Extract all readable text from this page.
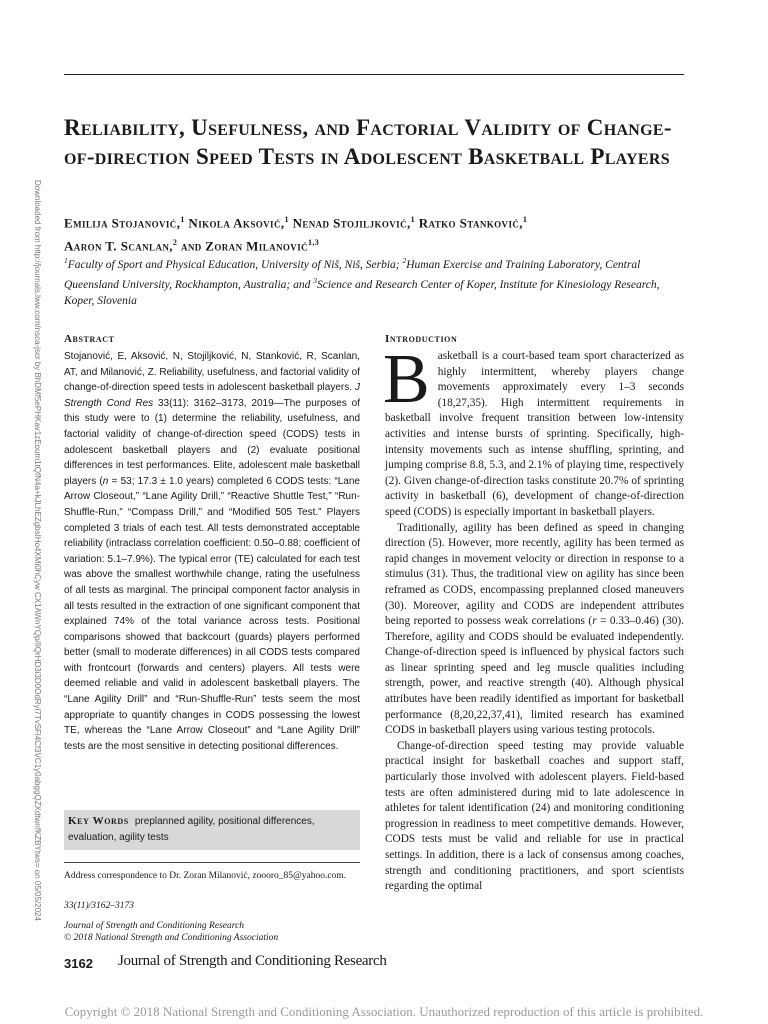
Downloaded from http://journals.lww.com/nsca-jscr by BhDMf5ePHKav1zEoum1tQfN4a+kJLhEZgbsIHo4XMi0hCyw CX1AWnYQp/IlQrHD3i3D0OdRyi7TvSFl4Cf3VC1y0abggQZXdtwnfKZBYtws= on 05/05/2024
Reliability, Usefulness, and Factorial Validity of Change-of-direction Speed Tests in Adolescent Basketball Players
Emilija Stojanović,$^1$ Nikola Aksović,$^1$ Nenad Stojiljković,$^1$ Ratko Stanković,$^1$
Aaron T. Scanlan,$^2$ and Zoran Milanović$^{1,3}$
$^1$Faculty of Sport and Physical Education, University of Niš, Niš, Serbia; $^2$Human Exercise and Training Laboratory, Central Queensland University, Rockhampton, Australia; and $^3$Science and Research Center of Koper, Institute for Kinesiology Research, Koper, Slovenia
Abstract
Stojanović, E, Aksović, N, Stojiljković, N, Stanković, R, Scanlan, AT, and Milanović, Z. Reliability, usefulness, and factorial validity of change-of-direction speed tests in adolescent basketball players. J Strength Cond Res 33(11): 3162–3173, 2019—The purposes of this study were to (1) determine the reliability, usefulness, and factorial validity of change-of-direction speed (CODS) tests in adolescent basketball players and (2) evaluate positional differences in test performances. Elite, adolescent male basketball players (n = 53; 17.3 ± 1.0 years) completed 6 CODS tests: “Lane Arrow Closeout,” “Lane Agility Drill,” “Reactive Shuttle Test,” “Run-Shuffle-Run,” “Compass Drill,” and “Modified 505 Test.” Players completed 3 trials of each test. All tests demonstrated acceptable reliability (intraclass correlation coefficient: 0.50–0.88; coefficient of variation: 5.1–7.9%). The typical error (TE) calculated for each test was above the smallest worthwhile change, rating the usefulness of all tests as marginal. The principal component factor analysis in all tests resulted in the extraction of one significant component that explained 74% of the total variance across tests. Positional comparisons showed that backcourt (guards) players performed better (small to moderate differences) in all CODS tests compared with frontcourt (forwards and centers) players. All tests were deemed reliable and valid in adolescent basketball players. The “Lane Agility Drill” and “Run-Shuffle-Run” tests seem the most appropriate to quantify changes in CODS possessing the lowest TE, whereas the “Lane Arrow Closeout” and “Lane Agility Drill” tests are the most sensitive in detecting positional differences.
Key Words preplanned agility, positional differences, evaluation, agility tests
Address correspondence to Dr. Zoran Milanović, zoooro_85@yahoo.com.
33(11)/3162–3173
Journal of Strength and Conditioning Research
© 2018 National Strength and Conditioning Association
Introduction

Basketball is a court-based team sport characterized as highly intermittent, whereby players change movements approximately every 1–3 seconds (18,27,35). High intermittent requirements in basketball involve frequent transition between low-intensity activities and intense bursts of sprinting. Specifically, high-intensity movements such as intense shuffling, sprinting, and jumping comprise 8.8, 5.3, and 2.1% of playing time, respectively (2). Given change-of-direction tasks constitute 20.7% of sprinting activity in basketball (6), development of change-of-direction speed (CODS) is especially important in basketball players.

Traditionally, agility has been defined as speed in changing direction (5). However, more recently, agility has been termed as rapid changes in movement velocity or direction in response to a stimulus (31). Thus, the traditional view on agility has since been reframed as CODS, encompassing preplanned closed maneuvers (30). Moreover, agility and CODS are independent attributes being reported to possess weak correlations (r = 0.33–0.46) (30). Therefore, agility and CODS should be evaluated independently. Change-of-direction speed is influenced by physical factors such as linear sprinting speed and leg muscle qualities including strength, power, and reactive strength (40). Although physical attributes have been readily identified as important for basketball performance (8,20,22,37,41), limited research has examined CODS in basketball players using various testing protocols.

Change-of-direction speed testing may provide valuable practical insight for basketball coaches and support staff, particularly those involved with adolescent players. Field-based tests are often administered during mid to late adolescence in athletes for talent identification (24) and monitoring conditioning progression in readiness to meet competitive demands. However, CODS tests must be valid and reliable for use in practical settings. In addition, there is a lack of consensus among coaches, strength and conditioning practitioners, and sport scientists regarding the optimal

3162 Journal of Strength and Conditioning Research
Copyright © 2018 National Strength and Conditioning Association. Unauthorized reproduction of this article is prohibited.
